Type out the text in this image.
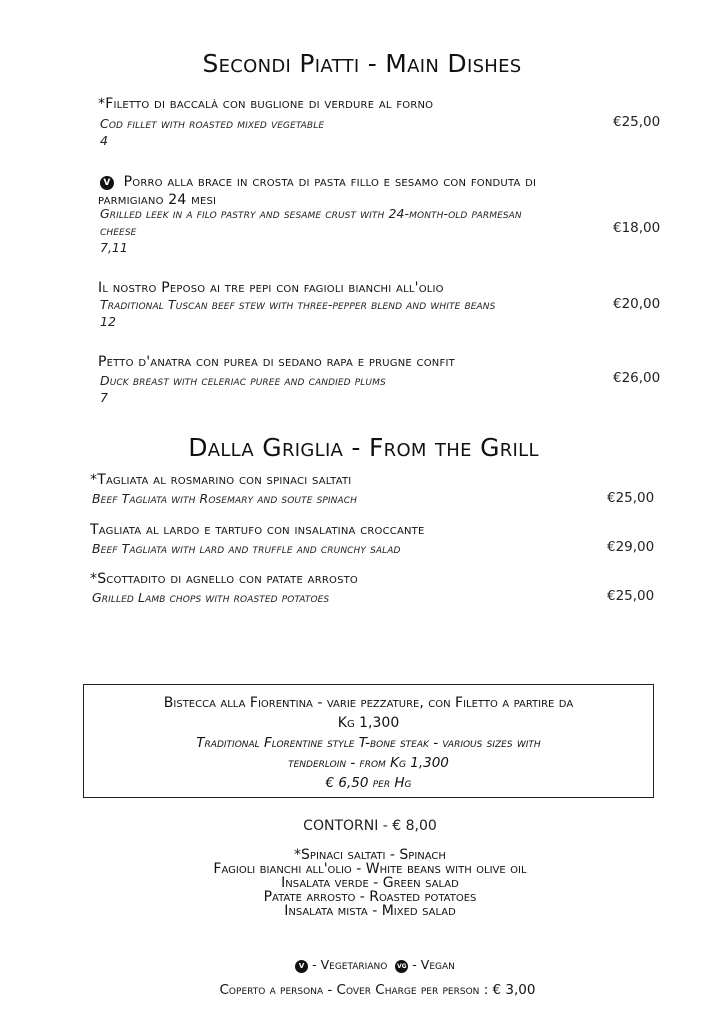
Secondi Piatti - Main Dishes
*Filetto di baccalà con buglione di verdure al forno
Cod fillet with roasted mixed vegetable
4
€25,00
V Porro alla brace in crosta di pasta fillo e sesamo con fonduta di
parmigiano 24 mesi
Grilled leek in a filo pastry and sesame crust with 24-month-old parmesan
cheese
7,11
€18,00
Il nostro Peposo ai tre pepi con fagioli bianchi all'olio
Traditional Tuscan beef stew with three-pepper blend and white beans
12
€20,00
Petto d'anatra con purea di sedano rapa e prugne confit
Duck breast with celeriac puree and candied plums
7
€26,00
Dalla Griglia - From the Grill
*Tagliata al rosmarino con spinaci saltati
Beef Tagliata with Rosemary and soute spinach	€25,00
Tagliata al lardo e tartufo con insalatina croccante
Beef Tagliata with lard and truffle and crunchy salad	€29,00
*Scottadito di agnello con patate arrosto
Grilled Lamb chops with roasted potatoes	€25,00
Bistecca alla Fiorentina - varie pezzature, con Filetto a partire da
Kg 1,300
Traditional Florentine style T-bone steak - various sizes with
tenderloin - from Kg 1,300
€ 6,50 per Hg
CONTORNI - € 8,00
*Spinaci saltati - Spinach
Fagioli bianchi all'olio - White beans with olive oil
Insalata verde - Green salad
Patate arrosto - Roasted potatoes
Insalata mista - Mixed salad
V - Vegetariano VG - Vegan
Coperto a persona - Cover Charge per person : € 3,00
